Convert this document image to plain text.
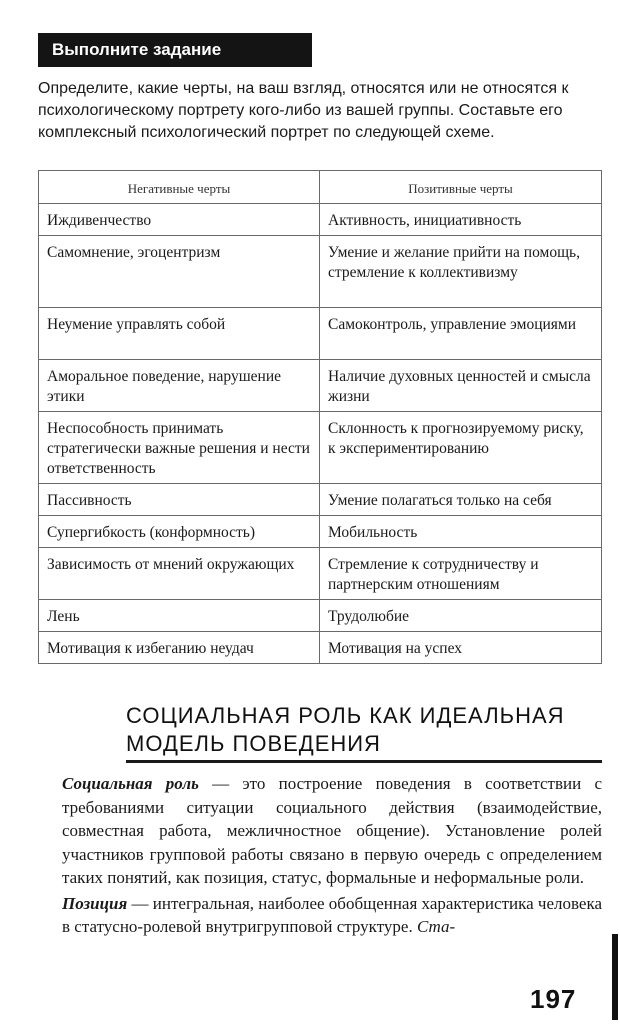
Выполните задание
Определите, какие черты, на ваш взгляд, относятся или не относятся к психологическому портрету кого-либо из вашей группы. Составьте его комплексный психологический портрет по следующей схеме.
Негативные черты	Позитивные черты
Иждивенчество	Активность, инициативность
Самомнение, эгоцентризм	Умение и желание прийти на помощь, стремление к коллективизму
Неумение управлять собой	Самоконтроль, управление эмоциями
Аморальное поведение, нарушение этики	Наличие духовных ценностей и смысла жизни
Неспособность принимать стратегически важные решения и нести ответственность	Склонность к прогнозируемому риску, к экспериментированию
Пассивность	Умение полагаться только на себя
Супергибкость (конформность)	Мобильность
Зависимость от мнений окружающих	Стремление к сотрудничеству и партнерским отношениям
Лень	Трудолюбие
Мотивация к избеганию неудач	Мотивация на успех
СОЦИАЛЬНАЯ РОЛЬ КАК ИДЕАЛЬНАЯ
МОДЕЛЬ ПОВЕДЕНИЯ

Социальная роль — это построение поведения в соответствии с требованиями ситуации социального действия (взаимодействие, совместная работа, межличностное общение). Установление ролей участников групповой работы связано в первую очередь с определением таких понятий, как позиция, статус, формальные и неформальные роли.

Позиция — интегральная, наиболее обобщенная характеристика человека в статусно-ролевой внутригрупповой структуре. Ста-

197
